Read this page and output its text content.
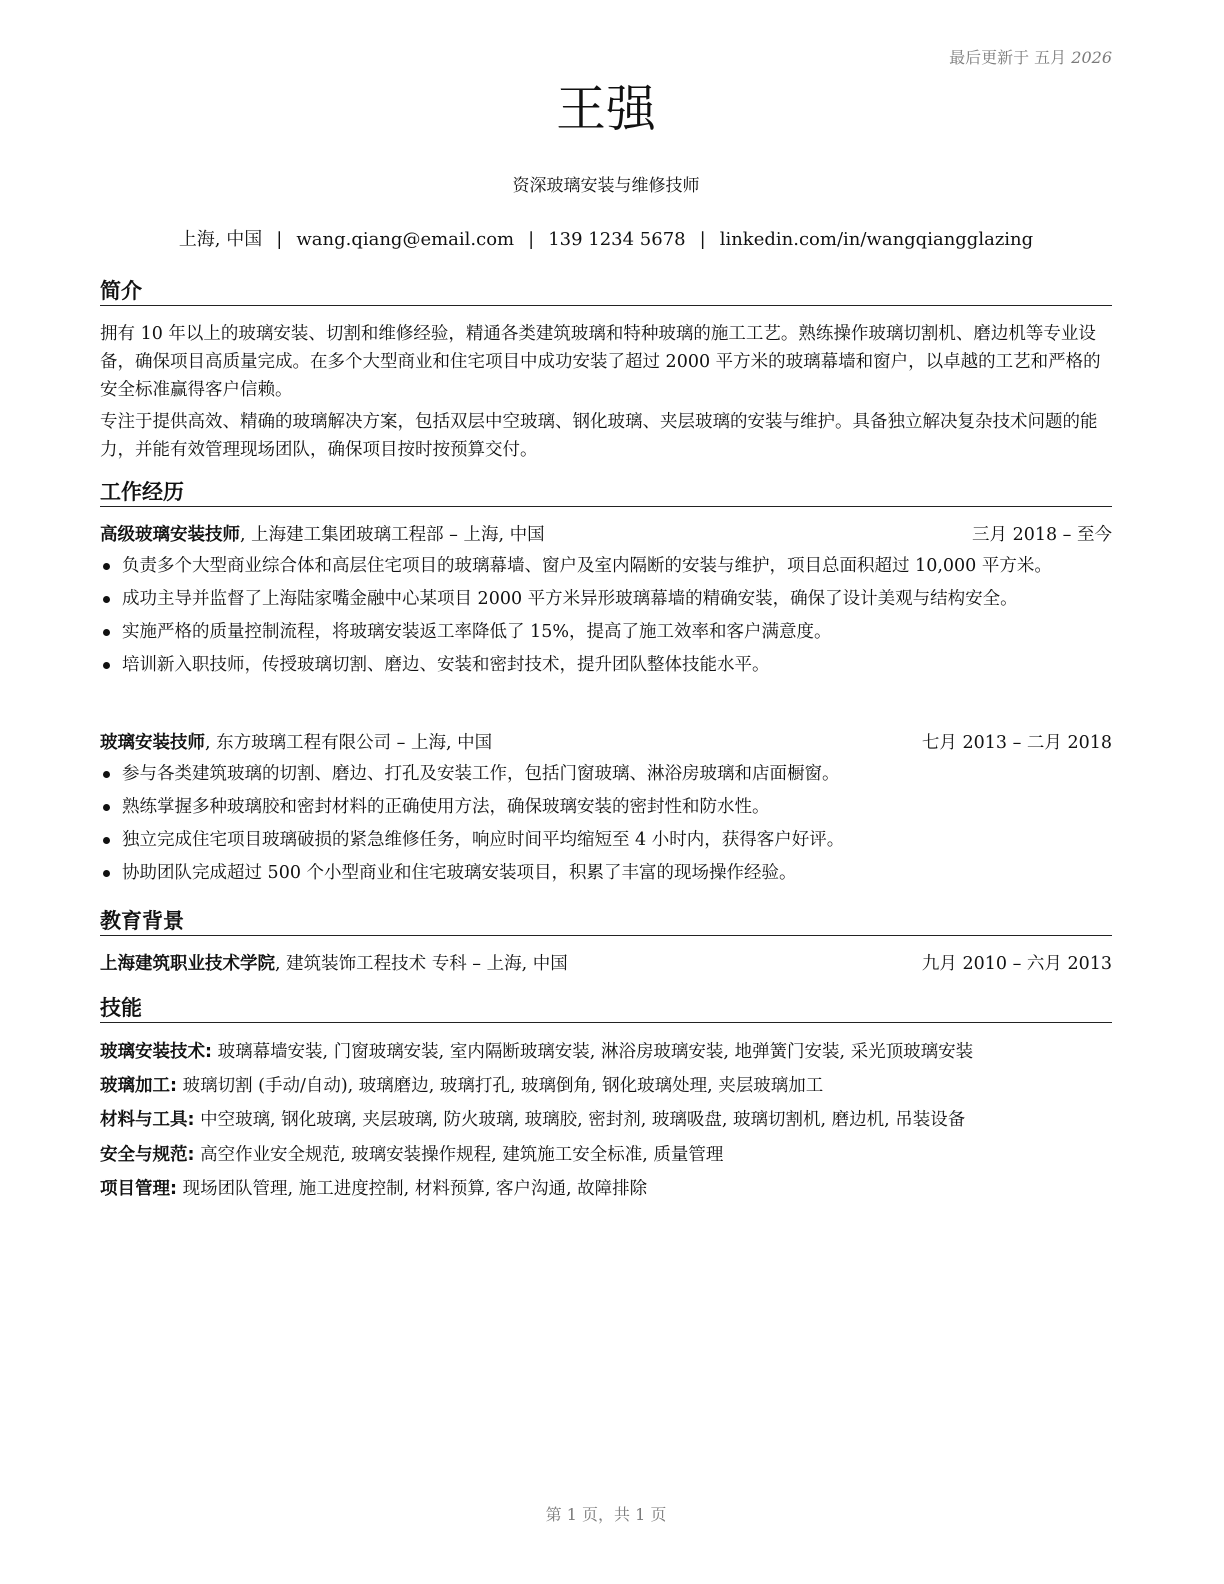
最后更新于 五月 2026
王强
资深玻璃安装与维修技师
上海, 中国 | wang.qiang@email.com | 139 1234 5678 | linkedin.com/in/wangqiangglazing
简介

拥有 10 年以上的玻璃安装、切割和维修经验，精通各类建筑玻璃和特种玻璃的施工工艺。熟练操作玻璃切割机、磨边机等专业设备，确保项目高质量完成。在多个大型商业和住宅项目中成功安装了超过 2000 平方米的玻璃幕墙和窗户，以卓越的工艺和严格的安全标准赢得客户信赖。

专注于提供高效、精确的玻璃解决方案，包括双层中空玻璃、钢化玻璃、夹层玻璃的安装与维护。具备独立解决复杂技术问题的能力，并能有效管理现场团队，确保项目按时按预算交付。

工作经历
高级玻璃安装技师, 上海建工集团玻璃工程部 – 上海, 中国	三月 2018 – 至今
负责多个大型商业综合体和高层住宅项目的玻璃幕墙、窗户及室内隔断的安装与维护，项目总面积超过 10,000 平方米。
成功主导并监督了上海陆家嘴金融中心某项目 2000 平方米异形玻璃幕墙的精确安装，确保了设计美观与结构安全。
实施严格的质量控制流程，将玻璃安装返工率降低了 15%，提高了施工效率和客户满意度。
培训新入职技师，传授玻璃切割、磨边、安装和密封技术，提升团队整体技能水平。
玻璃安装技师, 东方玻璃工程有限公司 – 上海, 中国	七月 2013 – 二月 2018
参与各类建筑玻璃的切割、磨边、打孔及安装工作，包括门窗玻璃、淋浴房玻璃和店面橱窗。
熟练掌握多种玻璃胶和密封材料的正确使用方法，确保玻璃安装的密封性和防水性。
独立完成住宅项目玻璃破损的紧急维修任务，响应时间平均缩短至 4 小时内，获得客户好评。
协助团队完成超过 500 个小型商业和住宅玻璃安装项目，积累了丰富的现场操作经验。
教育背景
上海建筑职业技术学院, 建筑装饰工程技术 专科 – 上海, 中国	九月 2010 – 六月 2013
技能
玻璃安装技术: 玻璃幕墙安装, 门窗玻璃安装, 室内隔断玻璃安装, 淋浴房玻璃安装, 地弹簧门安装, 采光顶玻璃安装
玻璃加工: 玻璃切割 (手动/自动), 玻璃磨边, 玻璃打孔, 玻璃倒角, 钢化玻璃处理, 夹层玻璃加工
材料与工具: 中空玻璃, 钢化玻璃, 夹层玻璃, 防火玻璃, 玻璃胶, 密封剂, 玻璃吸盘, 玻璃切割机, 磨边机, 吊装设备
安全与规范: 高空作业安全规范, 玻璃安装操作规程, 建筑施工安全标准, 质量管理
项目管理: 现场团队管理, 施工进度控制, 材料预算, 客户沟通, 故障排除
第 1 页，共 1 页
